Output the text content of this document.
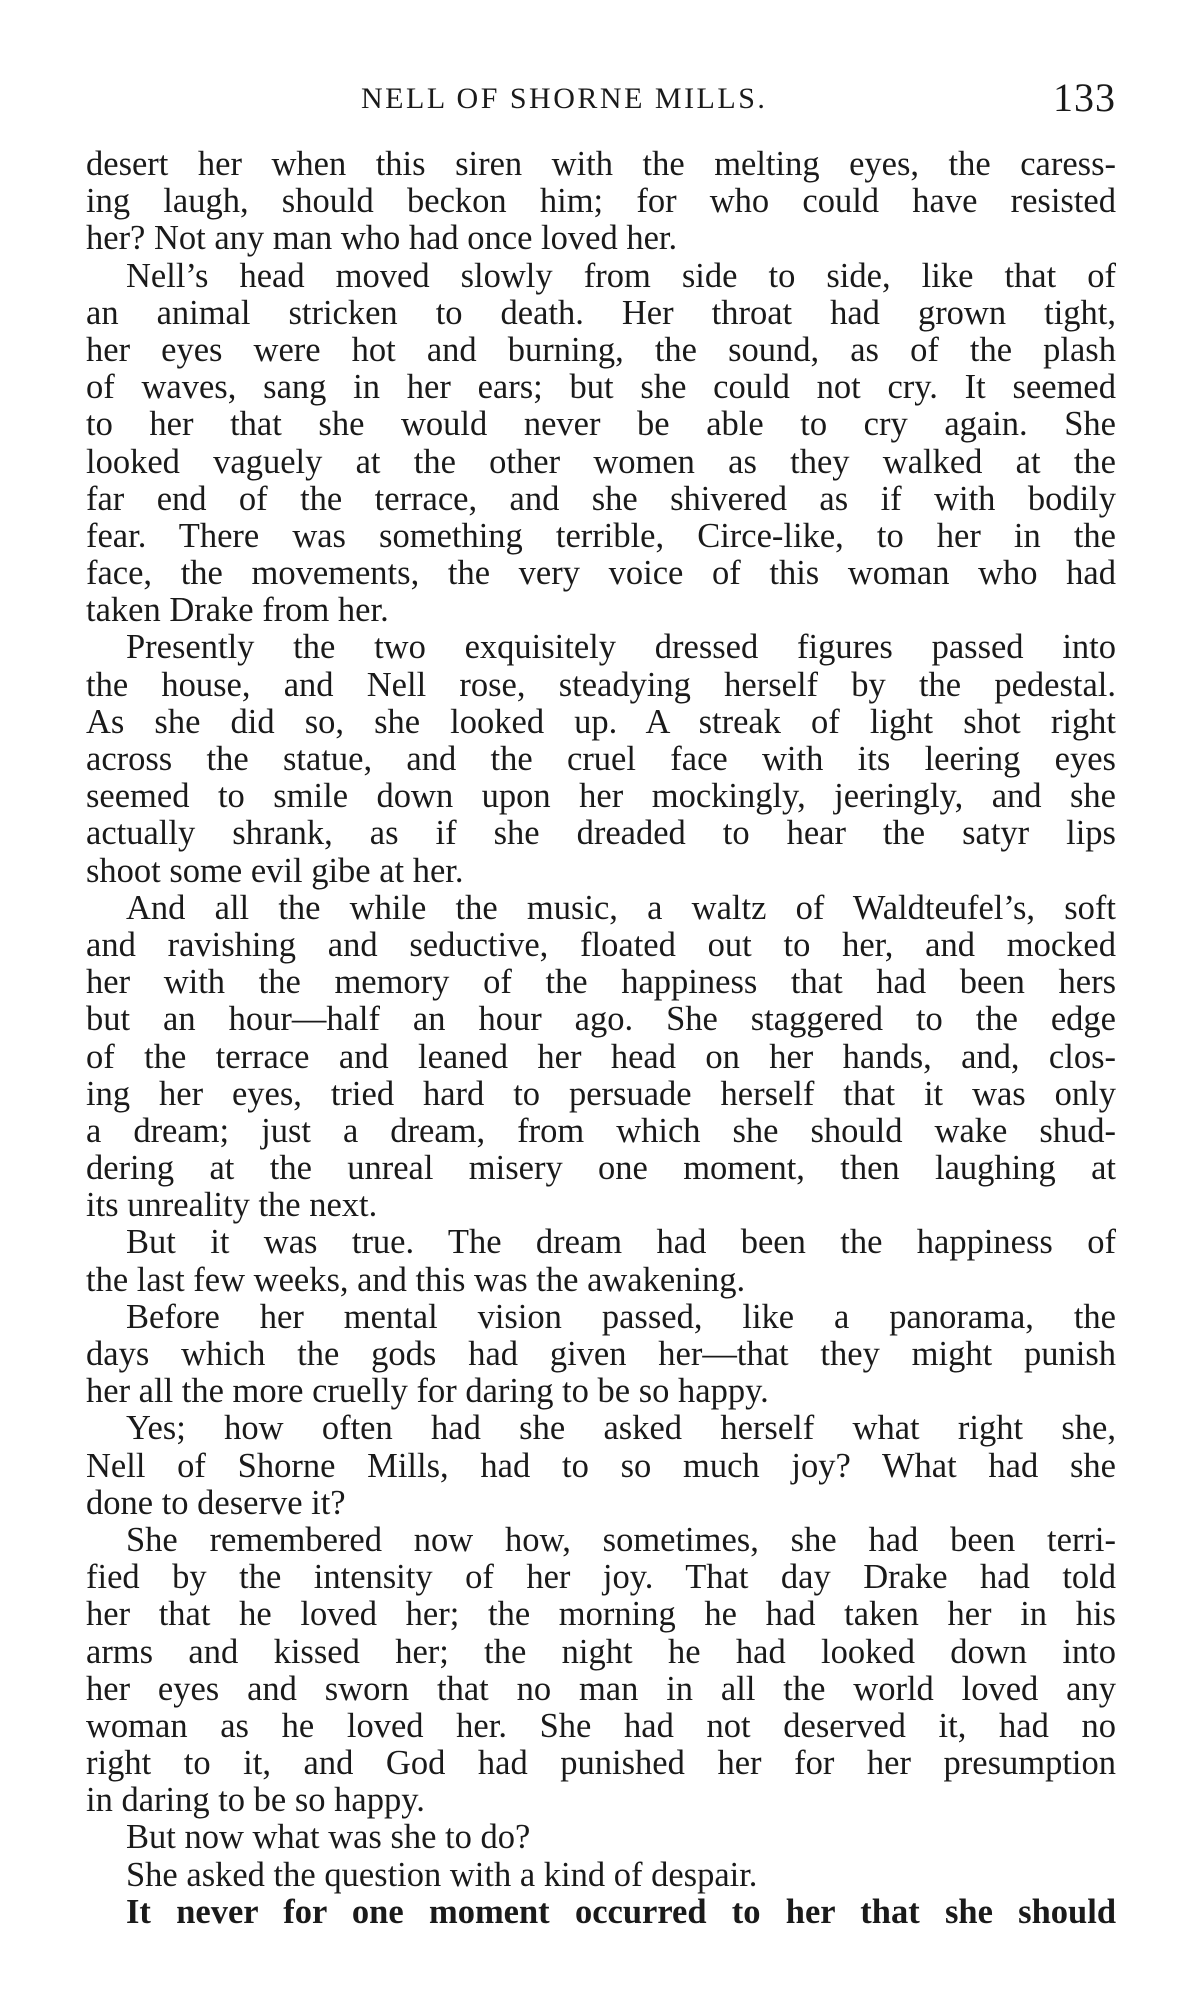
NELL OF SHORNE MILLS.	133
desert her when this siren with the melting eyes, the caress-
ing laugh, should beckon him; for who could have resisted
her? Not any man who had once loved her.
Nell’s head moved slowly from side to side, like that of
an animal stricken to death. Her throat had grown tight,
her eyes were hot and burning, the sound, as of the plash
of waves, sang in her ears; but she could not cry. It seemed
to her that she would never be able to cry again. She
looked vaguely at the other women as they walked at the
far end of the terrace, and she shivered as if with bodily
fear. There was something terrible, Circe-like, to her in the
face, the movements, the very voice of this woman who had
taken Drake from her.
Presently the two exquisitely dressed figures passed into
the house, and Nell rose, steadying herself by the pedestal.
As she did so, she looked up. A streak of light shot right
across the statue, and the cruel face with its leering eyes
seemed to smile down upon her mockingly, jeeringly, and she
actually shrank, as if she dreaded to hear the satyr lips
shoot some evil gibe at her.
And all the while the music, a waltz of Waldteufel’s, soft
and ravishing and seductive, floated out to her, and mocked
her with the memory of the happiness that had been hers
but an hour—half an hour ago. She staggered to the edge
of the terrace and leaned her head on her hands, and, clos-
ing her eyes, tried hard to persuade herself that it was only
a dream; just a dream, from which she should wake shud-
dering at the unreal misery one moment, then laughing at
its unreality the next.
But it was true. The dream had been the happiness of
the last few weeks, and this was the awakening.
Before her mental vision passed, like a panorama, the
days which the gods had given her—that they might punish
her all the more cruelly for daring to be so happy.
Yes; how often had she asked herself what right she,
Nell of Shorne Mills, had to so much joy? What had she
done to deserve it?
She remembered now how, sometimes, she had been terri-
fied by the intensity of her joy. That day Drake had told
her that he loved her; the morning he had taken her in his
arms and kissed her; the night he had looked down into
her eyes and sworn that no man in all the world loved any
woman as he loved her. She had not deserved it, had no
right to it, and God had punished her for her presumption
in daring to be so happy.
But now what was she to do?
She asked the question with a kind of despair.
It never for one moment occurred to her that she should
